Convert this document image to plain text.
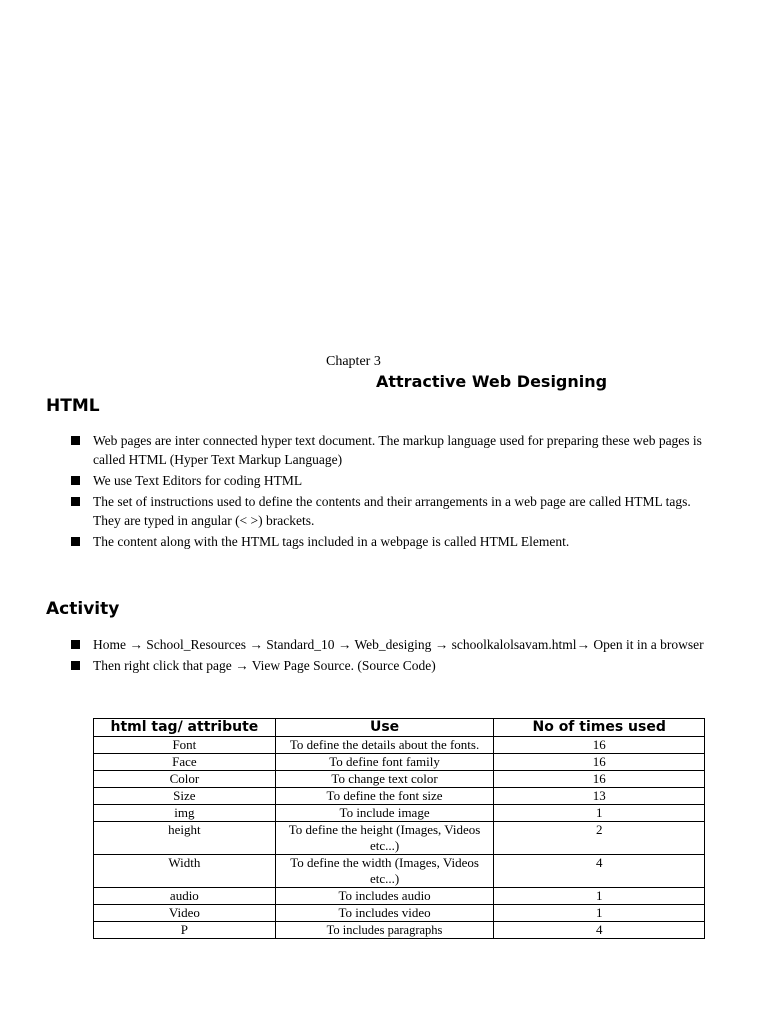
Chapter 3
Attractive Web Designing
HTML
Web pages are inter connected hyper text document. The markup language used for preparing these web pages is called HTML (Hyper Text Markup Language)
We use Text Editors for coding HTML
The set of instructions used to define the contents and their arrangements in a web page are called HTML tags. They are typed in angular (< >) brackets.
The content along with the HTML tags included in a webpage is called HTML Element.
Activity
Home → School_Resources → Standard_10 → Web_desiging → schoolkalolsavam.html→ Open it in a browser
Then right click that page → View Page Source. (Source Code)
html tag/ attribute	Use	No of times used
Font	To define the details about the fonts.	16
Face	To define font family	16
Color	To change text color	16
Size	To define the font size	13
img	To include image	1
height	To define the height (Images, Videos etc...)	2
Width	To define the width (Images, Videos etc...)	4
audio	To includes audio	1
Video	To includes video	1
P	To includes paragraphs	4
